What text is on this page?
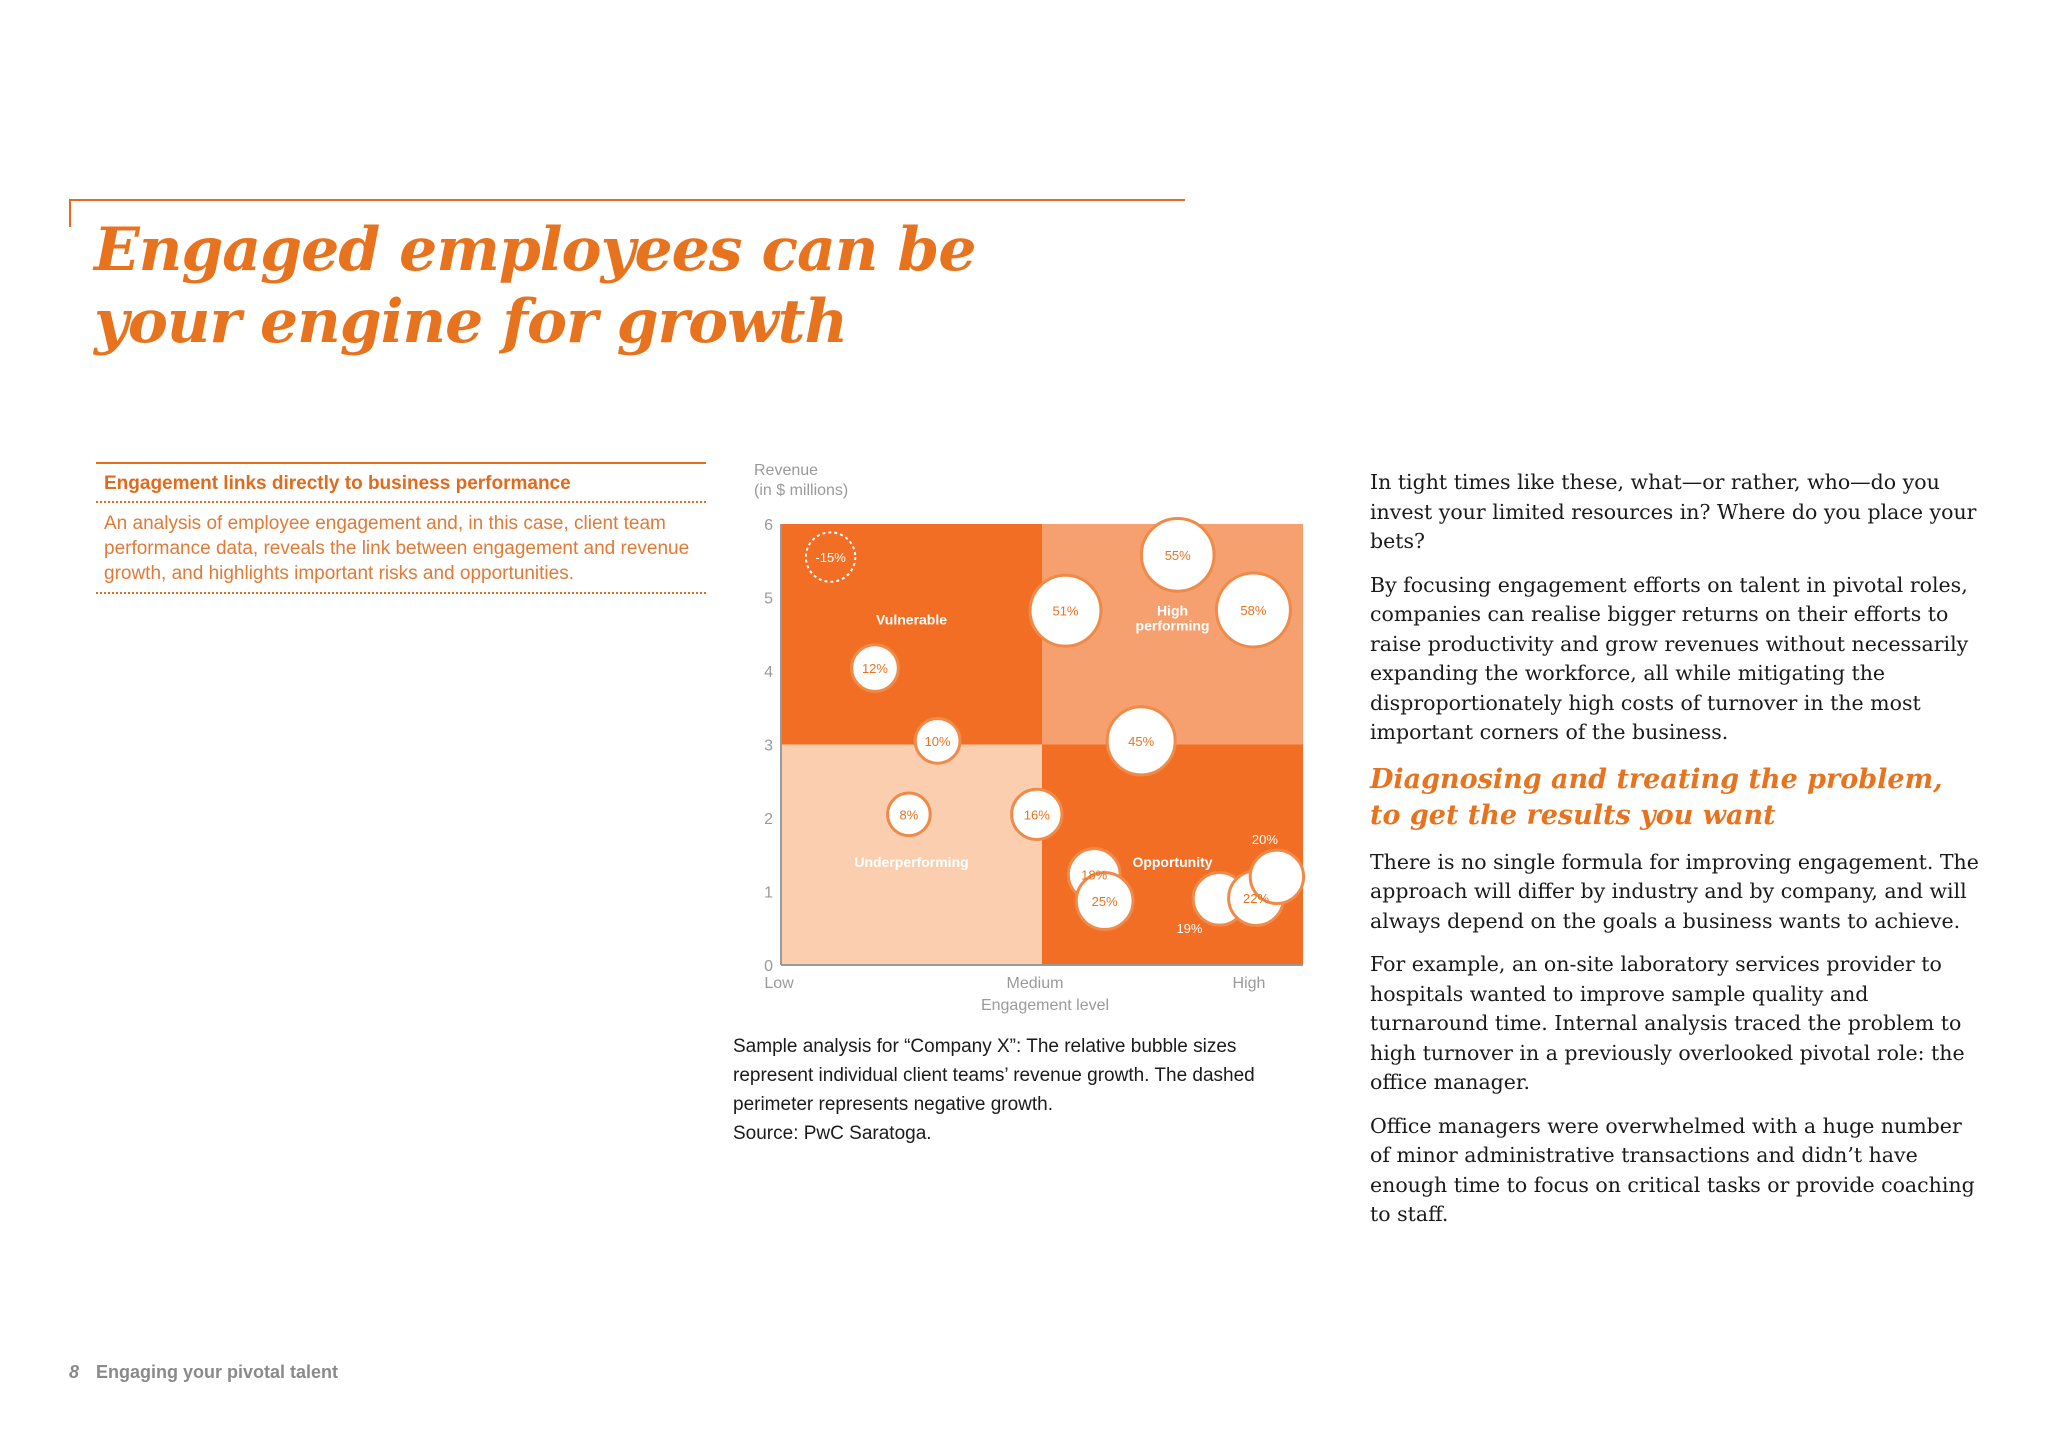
Engaged employees can be
your engine for growth
Engagement links directly to business performance
An analysis of employee engagement and, in this case, client team performance data, reveals the link between engagement and revenue growth, and highlights important risks and opportunities.
0
1
2
3
4
5
6
Low	Medium	High
Revenue
(in $ millions)
Engagement level
Vulnerable
High
performing
Underperforming	Opportunity
-15%
51%
55%
58%
12%
10%	45%
8%	16%
18%
25%
19%
22%
20%
Sample analysis for “Company X”: The relative bubble sizes
represent individual client teams’ revenue growth. The dashed
perimeter represents negative growth.
Source: PwC Saratoga.

In tight times like these, what—or rather, who—do you invest your limited resources in? Where do you place your bets?

By focusing engagement efforts on talent in pivotal roles, companies can realise bigger returns on their efforts to raise productivity and grow revenues without necessarily expanding the workforce, all while mitigating the disproportionately high costs of turnover in the most important corners of the business.

Diagnosing and treating the problem,
to get the results you want

There is no single formula for improving engagement. The approach will differ by industry and by company, and will always depend on the goals a business wants to achieve.

For example, an on-site laboratory services provider to hospitals wanted to improve sample quality and turnaround time. Internal analysis traced the problem to high turnover in a previously overlooked pivotal role: the office manager.

Office managers were overwhelmed with a huge number of minor administrative transactions and didn’t have enough time to focus on critical tasks or provide coaching to staff.

8 Engaging your pivotal talent
